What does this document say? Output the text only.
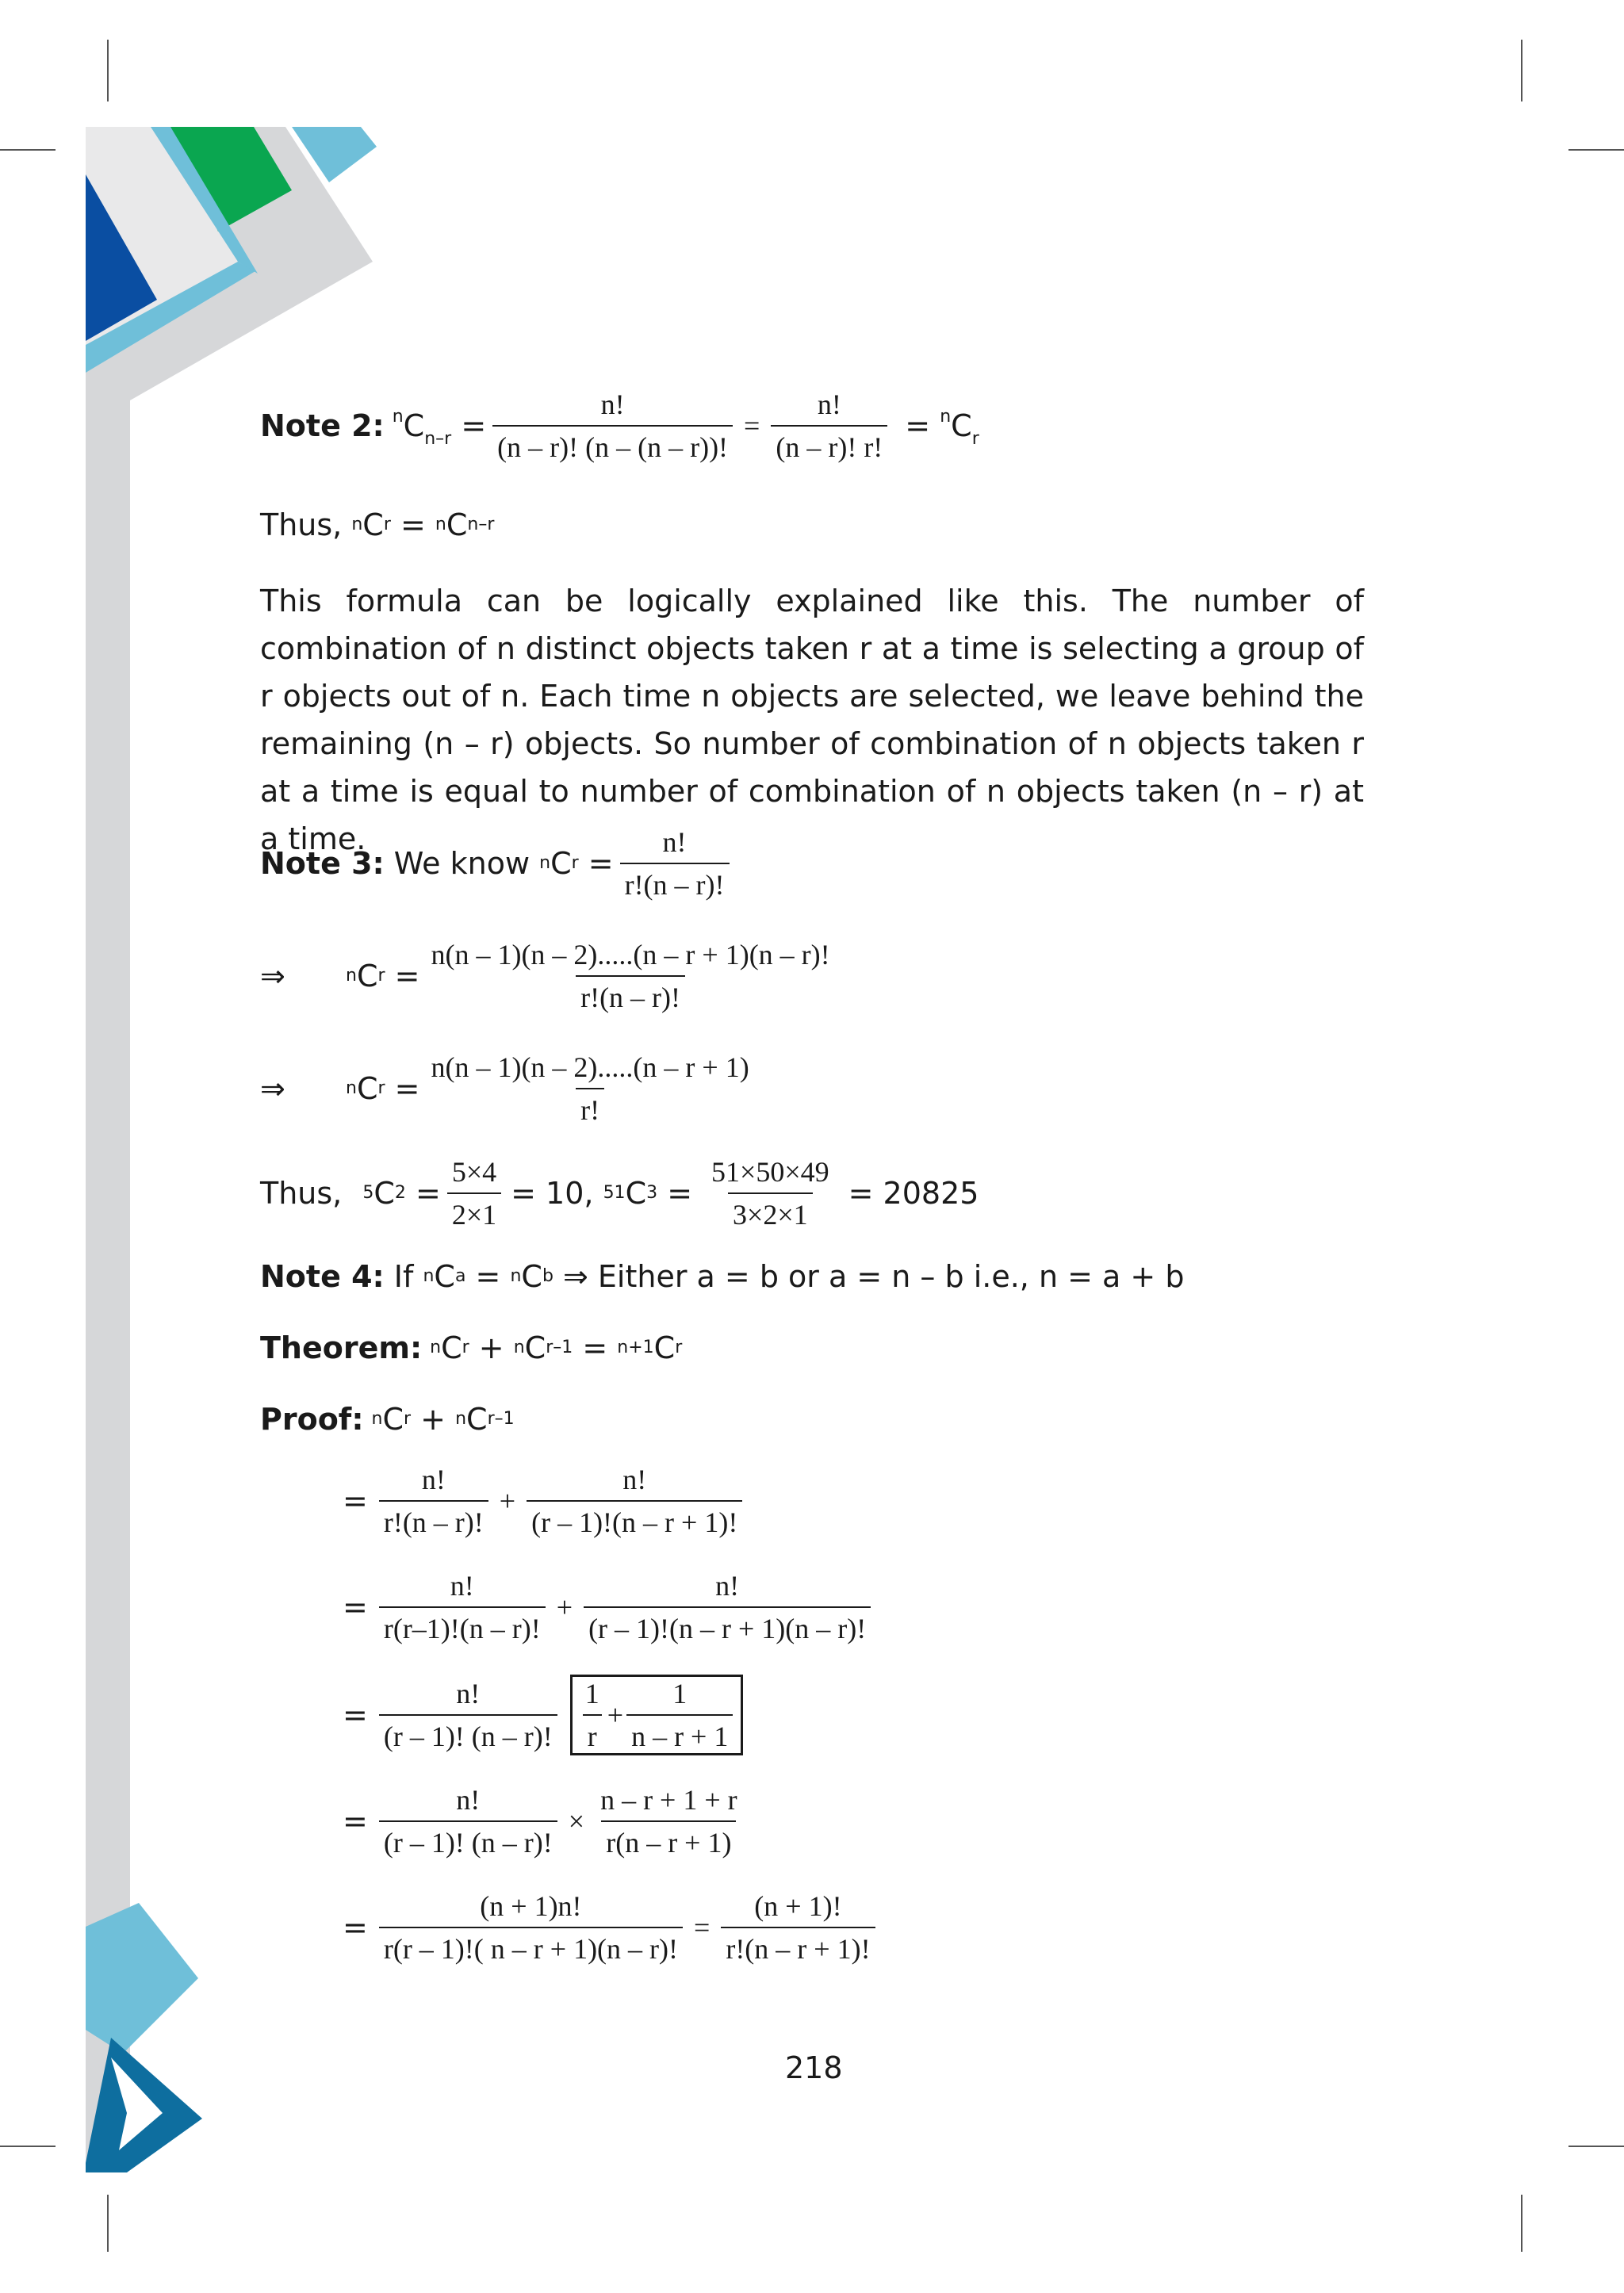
Note 2: $^nC_{n-r} = \frac{n!}{(n - r)! (n - (n - r))!} = \frac{n!}{(n - r)! r!} = ^nC_r$
Thus, n C r = n C n–r
This formula can be logically explained like this. The number of combination of n distinct objects taken r at a time is selecting a group of r objects out of n. Each time n objects are selected, we leave behind the remaining (n – r) objects. So number of combination of n objects taken r at a time is equal to number of combination of n objects taken (n – r) at a time.
Note 3: We know n C $r = \frac{n!}{r!(n - r)!}$
⇒	n C $r = \frac{n(n - 1)(n - 2).....(n - r + 1)(n - r)!}{r!(n - r)!}$
⇒	n C $r = \frac{n(n - 1)(n - 2).....(n - r + 1)}{r!}$
Thus, 5 C $2 = \frac{5\times 4}{2\times 1} = 10$, 51 C $3 = \frac{51\times 50\times 49}{3\times 2\times 1} = 20825$
Note 4: If n C a = n C b ⇒ Either a = b or a = n – b i.e., n = a + b
Theorem: n C r + n C r–1 = n+1 C r
Proof: n C r + n C r–1
= $\frac{n!}{r!(n - r)!} + \frac{n!}{(r - 1)!(n - r + 1)!}$
= $\frac{n!}{r(r-1)!(n - r)!} + \frac{n!}{(r - 1)!(n - r + 1)(n - r)!}$
= $\frac{n!}{(r - 1)! (n - r)!} \frac{1}{r} + \frac{1}{n - r + 1}$
= $\frac{n!}{(r - 1)! (n - r)!} \times \frac{n - r + 1 + r}{r(n - r + 1)}$
= $\frac{(n + 1)n!}{r(r - 1)!( n - r + 1)(n - r)!} = \frac{(n + 1)!}{r!(n - r + 1)!}$
218
